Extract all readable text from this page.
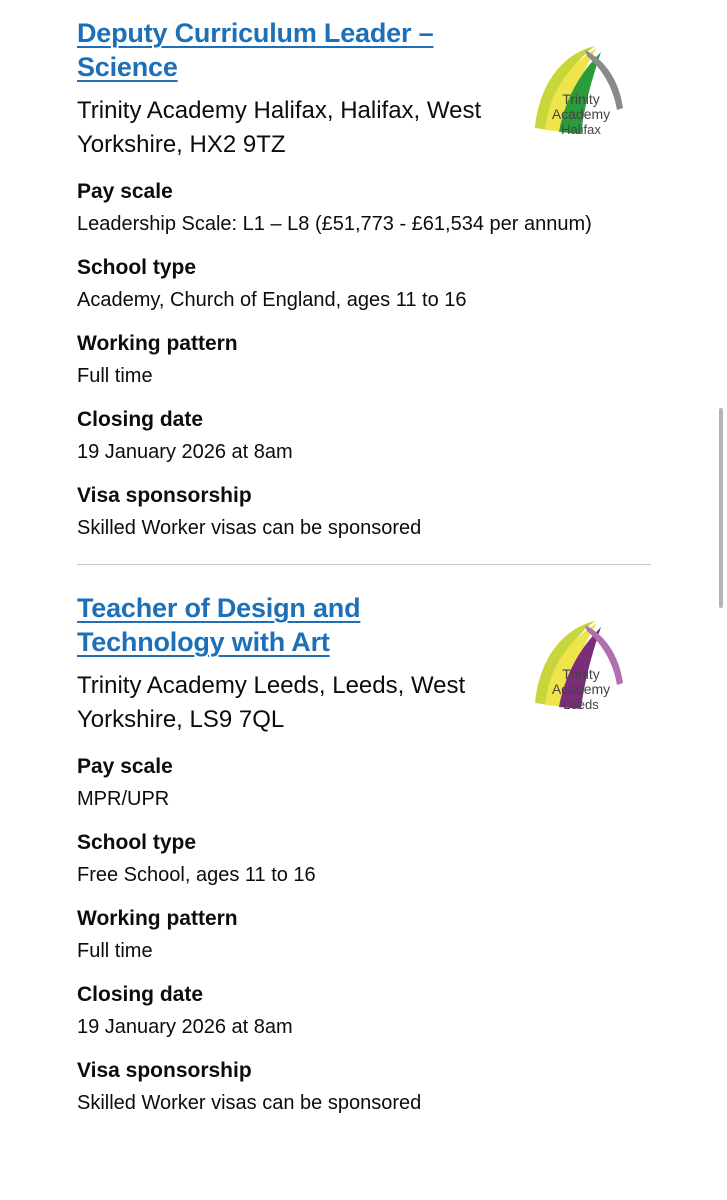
Deputy Curriculum Leader – Science
Trinity Academy Halifax, Halifax, West Yorkshire, HX2 9TZ
Trinity
Academy
Halifax
Pay scale
Leadership Scale: L1 – L8 (£51,773 - £61,534 per annum)
School type
Academy, Church of England, ages 11 to 16
Working pattern
Full time
Closing date
19 January 2026 at 8am
Visa sponsorship
Skilled Worker visas can be sponsored
Teacher of Design and Technology with Art
Trinity Academy Leeds, Leeds, West Yorkshire, LS9 7QL
Trinity
Academy
Leeds
Pay scale
MPR/UPR
School type
Free School, ages 11 to 16
Working pattern
Full time
Closing date
19 January 2026 at 8am
Visa sponsorship
Skilled Worker visas can be sponsored
